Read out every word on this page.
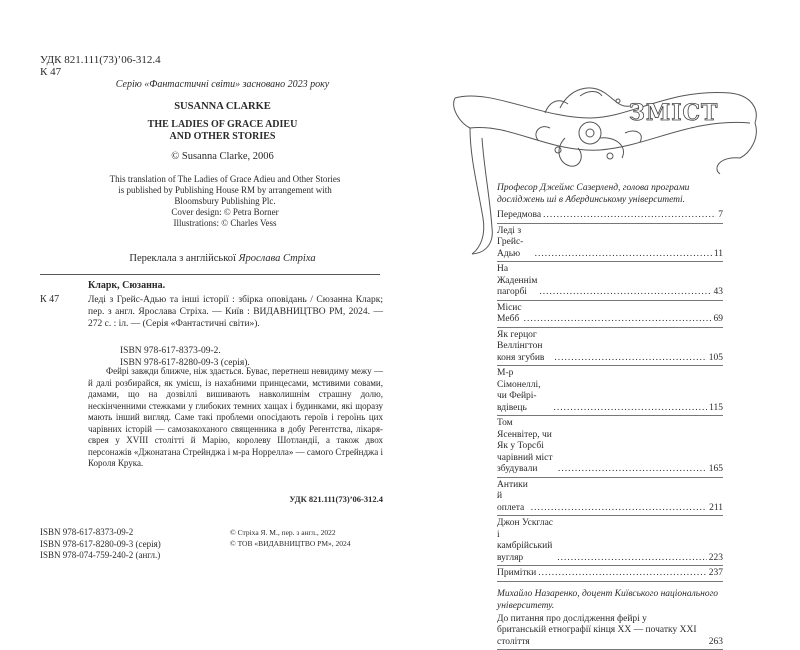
УДК 821.111(73)’06-312.4
К 47
Серію «Фантастичні світи» засновано 2023 року
SUSANNA CLARKE
THE LADIES OF GRACE ADIEU
AND OTHER STORIES
© Susanna Clarke, 2006
This translation of The Ladies of Grace Adieu and Other Stories
is published by Publishing House RM by arrangement with
Bloomsbury Publishing Plc.
Cover design: © Petra Borner
Illustrations: © Charles Vess
Переклала з англійської Ярослава Стріха
Кларк, Сюзанна.
К 47	Леді з Грейс-Адью та інші історії : збірка оповідань / Сюзанна Кларк; пер. з англ. Ярослава Стріха. — Київ : ВИДАВНИЦТВО РМ, 2024. — 272 с. : іл. — (Серія «Фантастичні світи»).
ISBN 978-617-8373-09-2.
ISBN 978-617-8280-09-3 (серія).
Фейрі завжди ближче, ніж здається. Буває, перетнеш невидиму межу — й далі розбирайся, як умієш, із нахабними принцесами, мстивими совами, дамами, що на дозвіллі вишивають навколишнім страшну долю, нескінченними стежками у глибоких темних хащах і будинками, які щоразу мають інший вигляд. Саме такі проблеми опосідають героїв і героїнь цих чарівних історій — самозакоханого священника в добу Регентства, лікаря-єврея у XVIII столітті й Марію, королеву Шотландії, а також двох персонажів «Джонатана Стрейнджа і м-ра Норрелла» — самого Стрейнджа і Короля Крука.
УДК 821.111(73)’06-312.4
ISBN 978-617-8373-09-2
ISBN 978-617-8280-09-3 (серія)
ISBN 978-074-759-240-2 (англ.)
© Стріха Я. М., пер. з англ., 2022
© ТОВ «ВИДАВНИЦТВО РМ», 2024
ЗМІСТ
Професор Джеймс Сазерленд, голова програми досліджень ші в Абердинському університеті.
Передмова .....	7
Леді з Грейс-Адью .....	11
На Жаденнім пагорбі .....	43
Місис Мебб .....	69
Як герцог Веллінгтон коня згубив .....	105
М-р Сімонеллі, чи Фейрі-вдівець .....	115
Том Ясенвітер, чи Як у Торсбі чарівний міст збудували .....	165
Антики й оплета .....	211
Джон Ускглас і камбрійський вугляр .....	223
Примітки .....	237
Михайло Назаренко, доцент Київського національного університету.
До питання про дослідження фейрі у британській етнографії кінця XX — початку XXI століття	263
